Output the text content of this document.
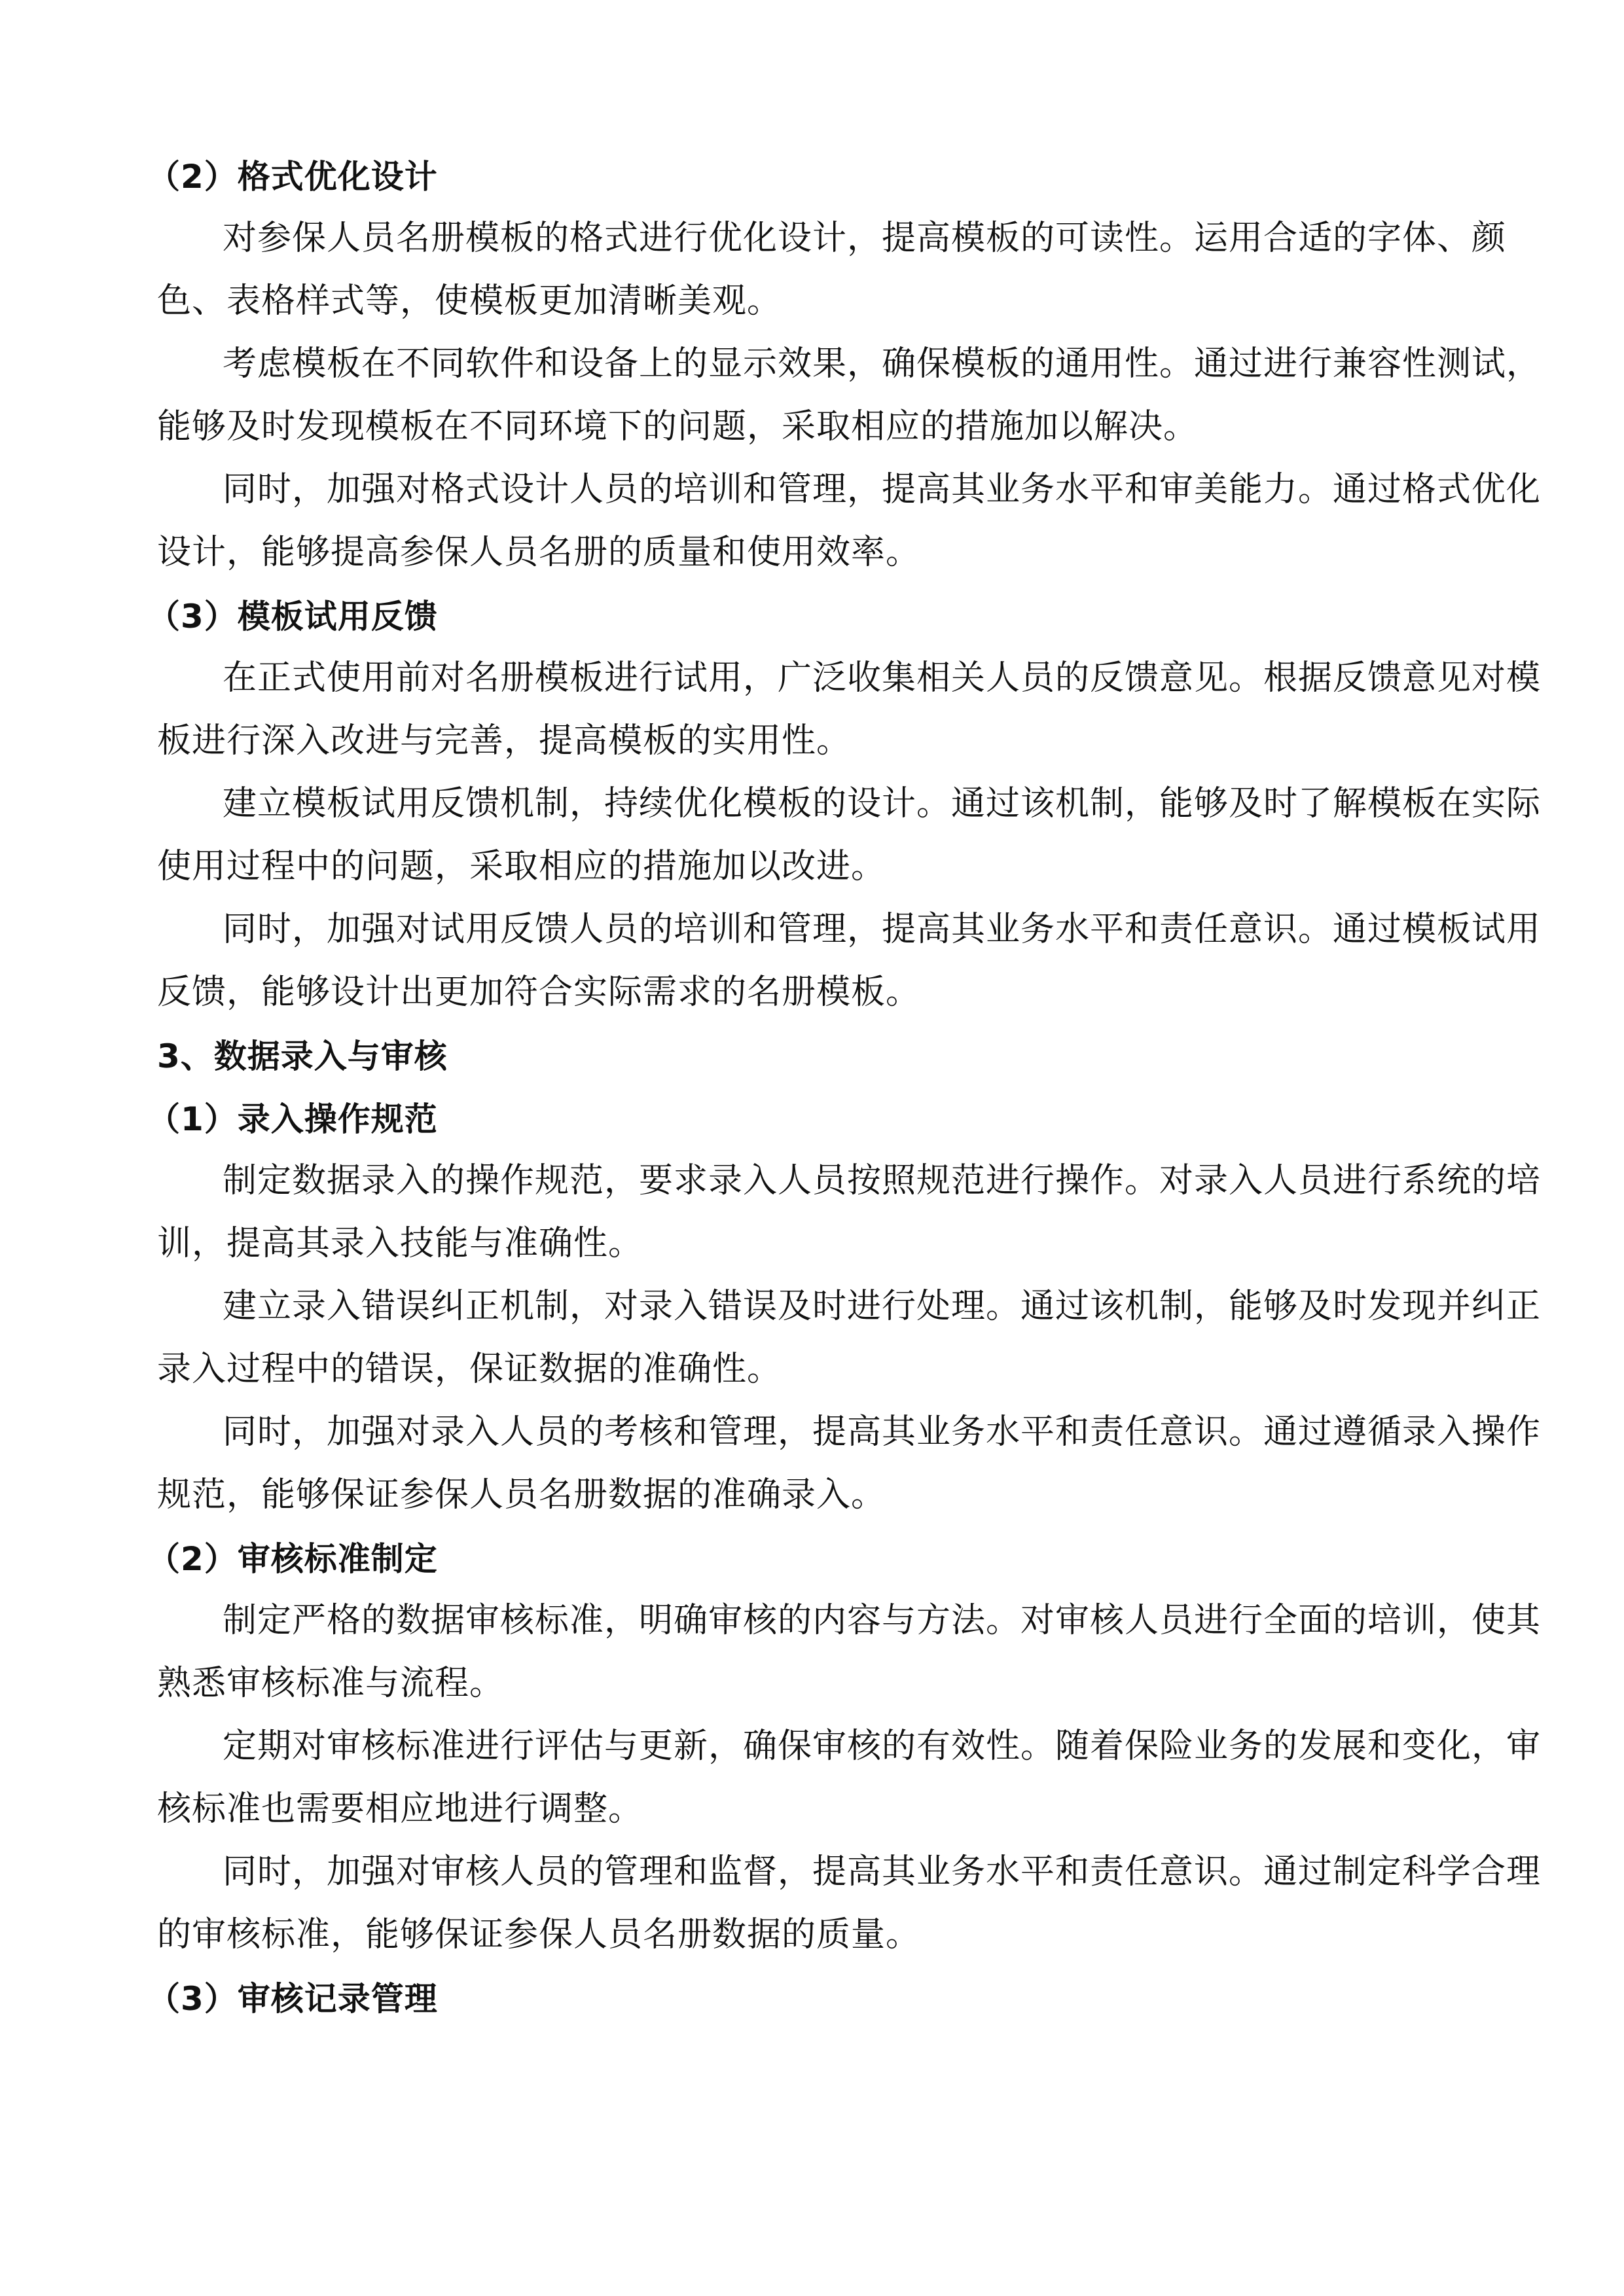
（2）格式优化设计
对参保人员名册模板的格式进行优化设计，提高模板的可读性。运用合适的字体、颜
色、表格样式等，使模板更加清晰美观。
考虑模板在不同软件和设备上的显示效果，确保模板的通用性。通过进行兼容性测试，
能够及时发现模板在不同环境下的问题，采取相应的措施加以解决。
同时，加强对格式设计人员的培训和管理，提高其业务水平和审美能力。通过格式优化
设计，能够提高参保人员名册的质量和使用效率。
（3）模板试用反馈
在正式使用前对名册模板进行试用，广泛收集相关人员的反馈意见。根据反馈意见对模
板进行深入改进与完善，提高模板的实用性。
建立模板试用反馈机制，持续优化模板的设计。通过该机制，能够及时了解模板在实际
使用过程中的问题，采取相应的措施加以改进。
同时，加强对试用反馈人员的培训和管理，提高其业务水平和责任意识。通过模板试用
反馈，能够设计出更加符合实际需求的名册模板。
3、数据录入与审核
（1）录入操作规范
制定数据录入的操作规范，要求录入人员按照规范进行操作。对录入人员进行系统的培
训，提高其录入技能与准确性。
建立录入错误纠正机制，对录入错误及时进行处理。通过该机制，能够及时发现并纠正
录入过程中的错误，保证数据的准确性。
同时，加强对录入人员的考核和管理，提高其业务水平和责任意识。通过遵循录入操作
规范，能够保证参保人员名册数据的准确录入。
（2）审核标准制定
制定严格的数据审核标准，明确审核的内容与方法。对审核人员进行全面的培训，使其
熟悉审核标准与流程。
定期对审核标准进行评估与更新，确保审核的有效性。随着保险业务的发展和变化，审
核标准也需要相应地进行调整。
同时，加强对审核人员的管理和监督，提高其业务水平和责任意识。通过制定科学合理
的审核标准，能够保证参保人员名册数据的质量。
（3）审核记录管理
